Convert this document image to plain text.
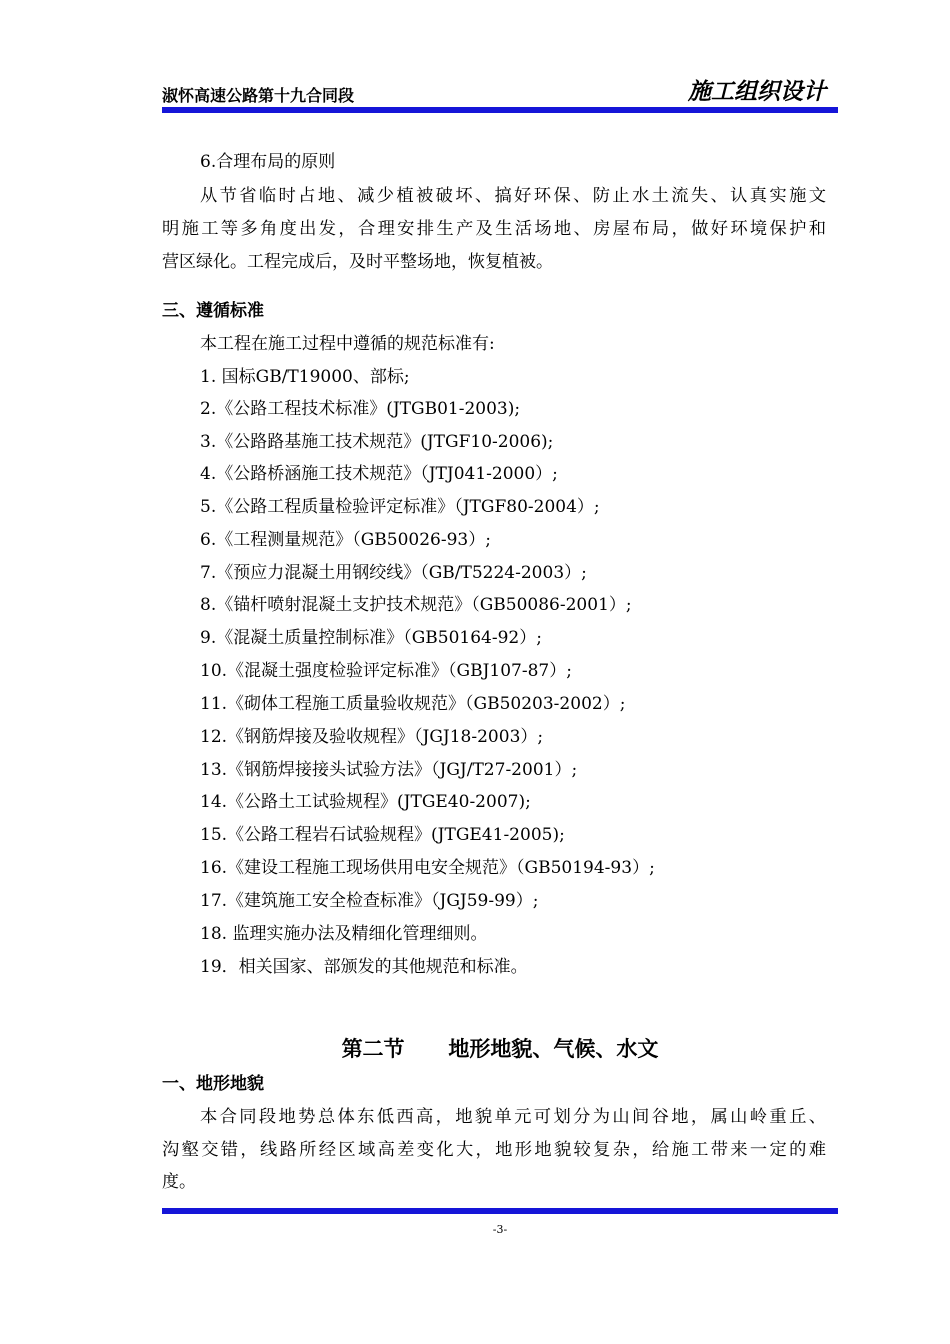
淑怀高速公路第十九合同段	施工组织设计
6.合理布局的原则
从节省临时占地、减少植被破坏、搞好环保、防止水土流失、认真实施文
明施工等多角度出发，合理安排生产及生活场地、房屋布局，做好环境保护和
营区绿化。工程完成后，及时平整场地，恢复植被。
三、遵循标准
本工程在施工过程中遵循的规范标准有:
1. 国标GB/T19000、部标;
2.《公路工程技术标准》(JTGB01-2003);
3.《公路路基施工技术规范》(JTGF10-2006);
4.《公路桥涵施工技术规范》（JTJ041-2000）;
5.《公路工程质量检验评定标准》（JTGF80-2004）;
6.《工程测量规范》（GB50026-93）;
7.《预应力混凝土用钢绞线》（GB/T5224-2003）;
8.《锚杆喷射混凝土支护技术规范》（GB50086-2001）;
9.《混凝土质量控制标准》（GB50164-92）;
10.《混凝土强度检验评定标准》（GBJ107-87）;
11.《砌体工程施工质量验收规范》（GB50203-2002）;
12.《钢筋焊接及验收规程》（JGJ18-2003）;
13.《钢筋焊接接头试验方法》（JGJ/T27-2001）;
14.《公路土工试验规程》(JTGE40-2007);
15.《公路工程岩石试验规程》(JTGE41-2005);
16.《建设工程施工现场供用电安全规范》（GB50194-93）;
17.《建筑施工安全检查标准》（JGJ59-99）;
18. 监理实施办法及精细化管理细则。
19．相关国家、部颁发的其他规范和标准。
第二节      地形地貌、气候、水文
一、地形地貌
本合同段地势总体东低西高，地貌单元可划分为山间谷地，属山岭重丘、
沟壑交错，线路所经区域高差变化大，地形地貌较复杂，给施工带来一定的难
度。
-3-
